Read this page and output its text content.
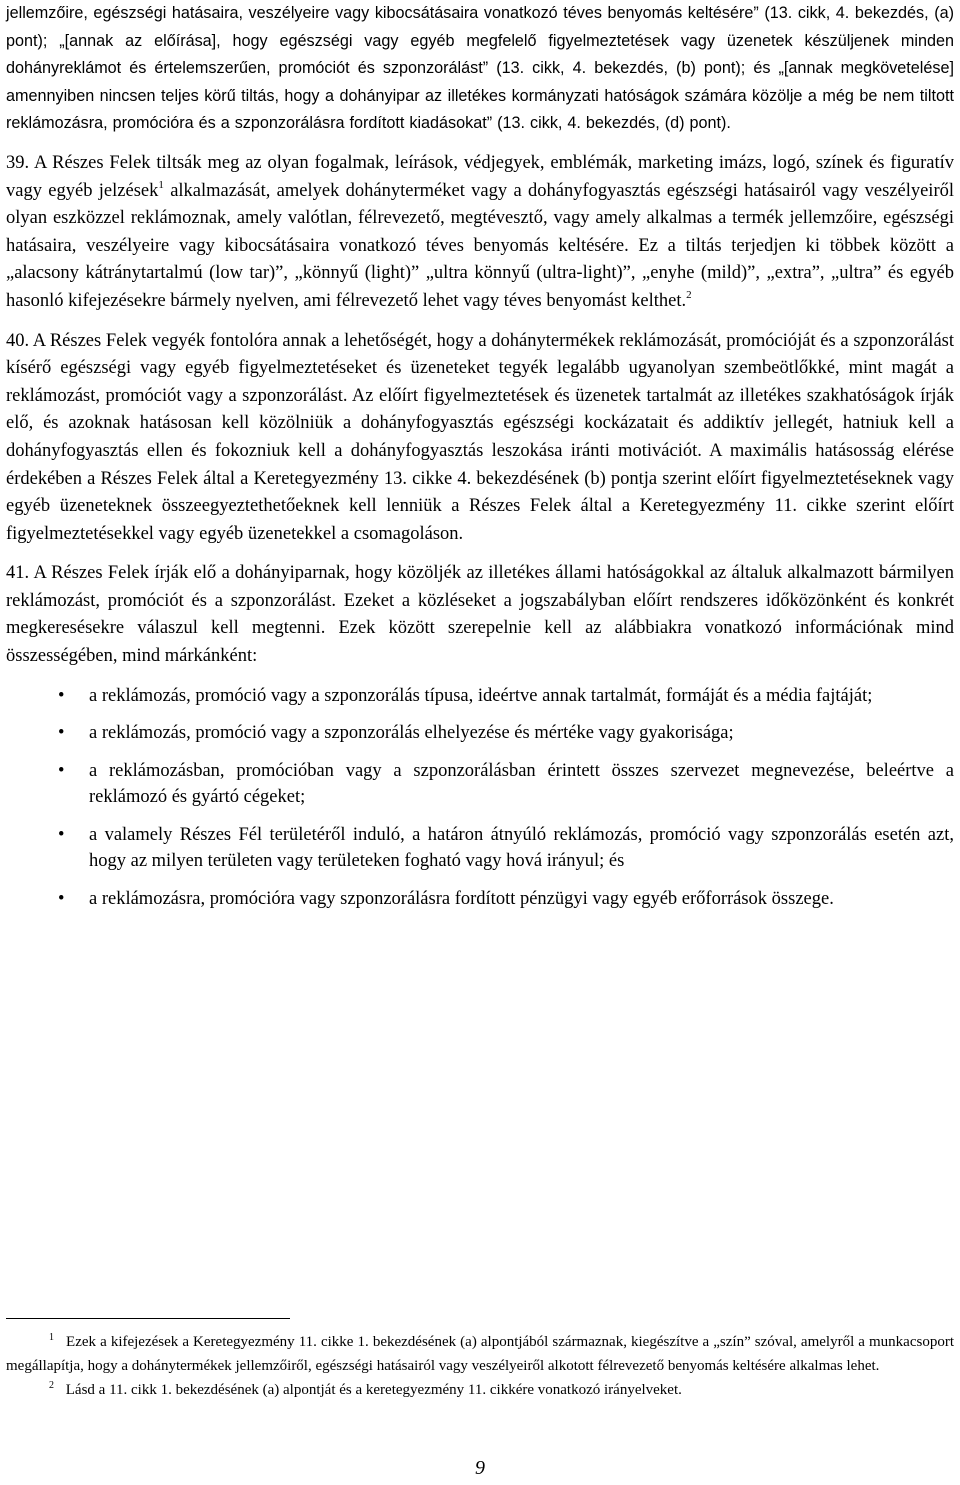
jellemzőire, egészségi hatásaira, veszélyeire vagy kibocsátásaira vonatkozó téves benyomás keltésére” (13. cikk, 4. bekezdés, (a) pont); „[annak az előírása], hogy egészségi vagy egyéb megfelelő figyelmeztetések vagy üzenetek készüljenek minden dohányreklámot és értelemszerűen, promóciót és szponzorálást” (13. cikk, 4. bekezdés, (b) pont); és „[annak megkövetelése] amennyiben nincsen teljes körű tiltás, hogy a dohányipar az illetékes kormányzati hatóságok számára közölje a még be nem tiltott reklámozásra, promócióra és a szponzorálásra fordított kiadásokat” (13. cikk, 4. bekezdés, (d) pont).

39. A Részes Felek tiltsák meg az olyan fogalmak, leírások, védjegyek, emblémák, marketing imázs, logó, színek és figuratív vagy egyéb jelzések$^1$ alkalmazását, amelyek dohányterméket vagy a dohányfogyasztás egészségi hatásairól vagy veszélyeiről olyan eszközzel reklámoznak, amely valótlan, félrevezető, megtévesztő, vagy amely alkalmas a termék jellemzőire, egészségi hatásaira, veszélyeire vagy kibocsátásaira vonatkozó téves benyomás keltésére. Ez a tiltás terjedjen ki többek között a „alacsony kátránytartalmú (low tar)”, „könnyű (light)” „ultra könnyű (ultra-light)”, „enyhe (mild)”, „extra”, „ultra” és egyéb hasonló kifejezésekre bármely nyelven, ami félrevezető lehet vagy téves benyomást kelthet.$^2$

40. A Részes Felek vegyék fontolóra annak a lehetőségét, hogy a dohánytermékek reklámozását, promócióját és a szponzorálást kísérő egészségi vagy egyéb figyelmeztetéseket és üzeneteket tegyék legalább ugyanolyan szembeötlőkké, mint magát a reklámozást, promóciót vagy a szponzorálást. Az előírt figyelmeztetések és üzenetek tartalmát az illetékes szakhatóságok írják elő, és azoknak hatásosan kell közölniük a dohányfogyasztás egészségi kockázatait és addiktív jellegét, hatniuk kell a dohányfogyasztás ellen és fokozniuk kell a dohányfogyasztás leszokása iránti motivációt. A maximális hatásosság elérése érdekében a Részes Felek által a Keretegyezmény 13. cikke 4. bekezdésének (b) pontja szerint előírt figyelmeztetéseknek vagy egyéb üzeneteknek összeegyeztethetőeknek kell lenniük a Részes Felek által a Keretegyezmény 11. cikke szerint előírt figyelmeztetésekkel vagy egyéb üzenetekkel a csomagoláson.

41. A Részes Felek írják elő a dohányiparnak, hogy közöljék az illetékes állami hatóságokkal az általuk alkalmazott bármilyen reklámozást, promóciót és a szponzorálást. Ezeket a közléseket a jogszabályban előírt rendszeres időközönként és konkrét megkeresésekre válaszul kell megtenni. Ezek között szerepelnie kell az alábbiakra vonatkozó információnak mind összességében, mind márkánként:

• a reklámozás, promóció vagy a szponzorálás típusa, ideértve annak tartalmát, formáját és a média fajtáját;
• a reklámozás, promóció vagy a szponzorálás elhelyezése és mértéke vagy gyakorisága;
• a reklámozásban, promócióban vagy a szponzorálásban érintett összes szervezet megnevezése, beleértve a reklámozó és gyártó cégeket;
• a valamely Részes Fél területéről induló, a határon átnyúló reklámozás, promóció vagy szponzorálás esetén azt, hogy az milyen területen vagy területeken fogható vagy hová irányul; és
• a reklámozásra, promócióra vagy szponzorálásra fordított pénzügyi vagy egyéb erőforrások összege.

$^1$ Ezek a kifejezések a Keretegyezmény 11. cikke 1. bekezdésének (a) alpontjából származnak, kiegészítve a „szín” szóval, amelyről a munkacsoport megállapítja, hogy a dohánytermékek jellemzőiről, egészségi hatásairól vagy veszélyeiről alkotott félrevezető benyomás keltésére alkalmas lehet.

$^2$ Lásd a 11. cikk 1. bekezdésének (a) alpontját és a keretegyezmény 11. cikkére vonatkozó irányelveket.

9
